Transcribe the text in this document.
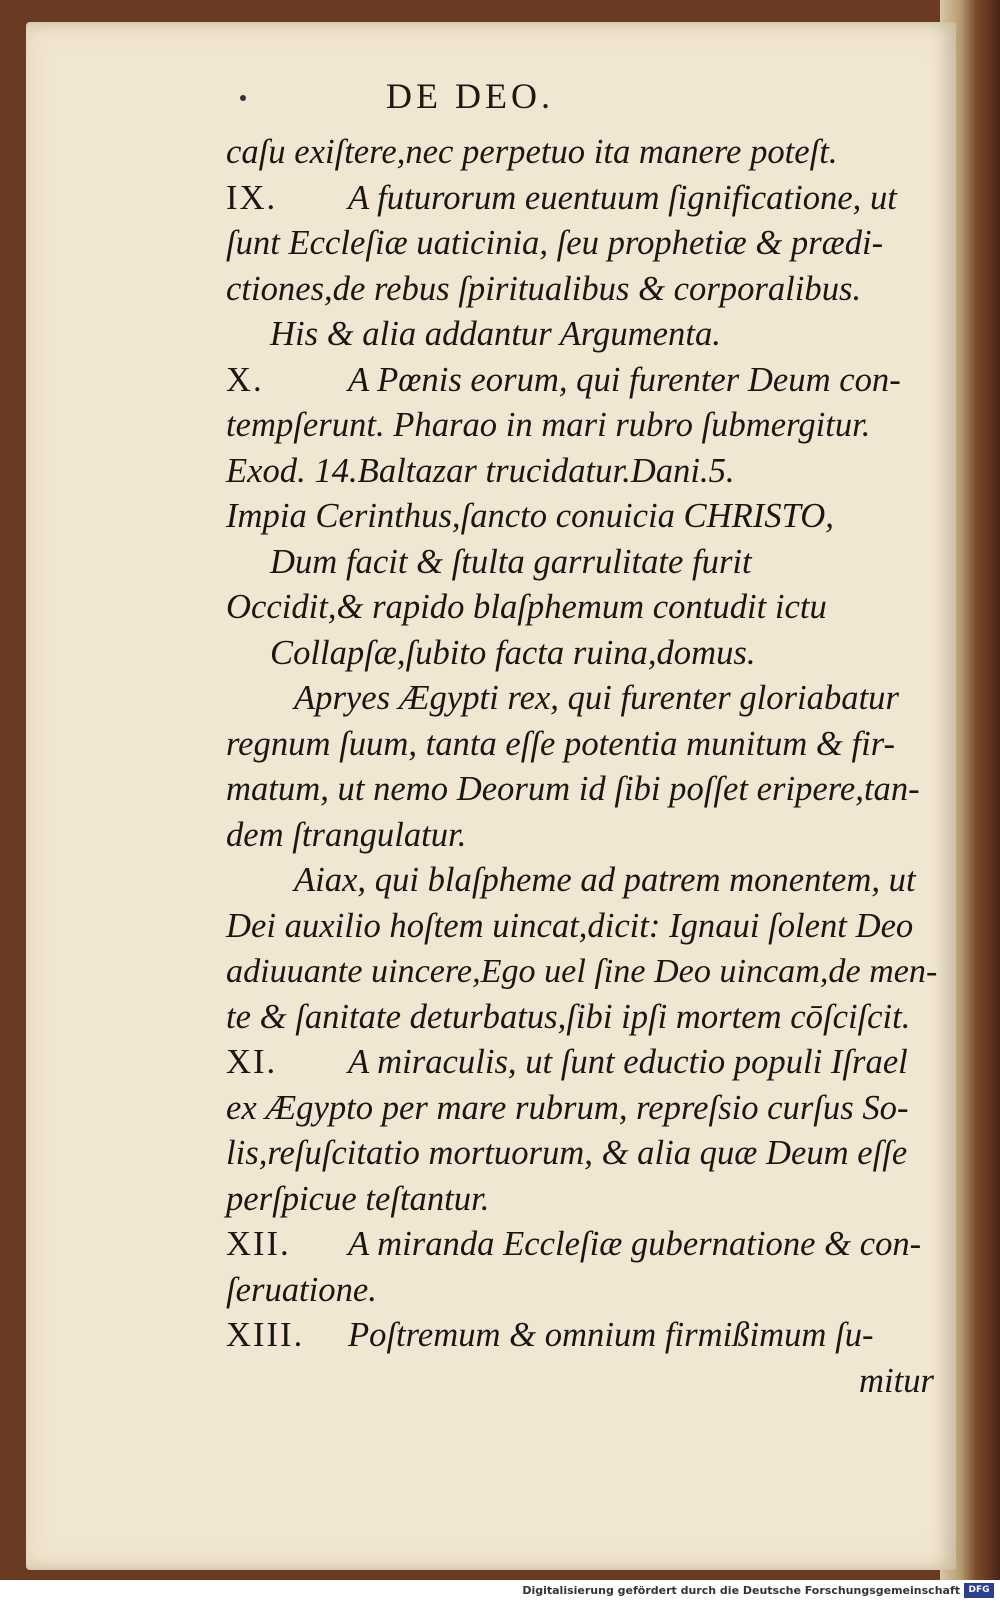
DE DEO.
caſu exiſtere,nec perpetuo ita manere poteſt.
IX. A futurorum euentuum ſignificatione, ut
ſunt Eccleſiæ uaticinia, ſeu prophetiæ & prædi-
ctiones,de rebus ſpiritualibus & corporalibus.
His & alia addantur Argumenta.
X. A Pœnis eorum, qui furenter Deum con-
tempſerunt. Pharao in mari rubro ſubmergitur.
Exod. 14.Baltazar trucidatur.Dani.5.
Impia Cerinthus,ſancto conuicia CHRISTO,
Dum facit & ſtulta garrulitate furit
Occidit,& rapido blaſphemum contudit ictu
Collapſæ,ſubito facta ruina,domus.
Apryes Ægypti rex, qui furenter gloriabatur
regnum ſuum, tanta eſſe potentia munitum & fir-
matum, ut nemo Deorum id ſibi poſſet eripere,tan-
dem ſtrangulatur.
Aiax, qui blaſpheme ad patrem monentem, ut
Dei auxilio hoſtem uincat,dicit: Ignaui ſolent Deo
adiuuante uincere,Ego uel ſine Deo uincam,de men-
te & ſanitate deturbatus,ſibi ipſi mortem cōſciſcit.
XI. A miraculis, ut ſunt eductio populi Iſrael
ex Ægypto per mare rubrum, repreſsio curſus So-
lis,reſuſcitatio mortuorum, & alia quæ Deum eſſe
perſpicue teſtantur.
XII. A miranda Eccleſiæ gubernatione & con-
ſeruatione.
XIII. Poſtremum & omnium firmißimum ſu-
mitur
Digitalisierung gefördert durch die Deutsche Forschungsgemeinschaft DFG
